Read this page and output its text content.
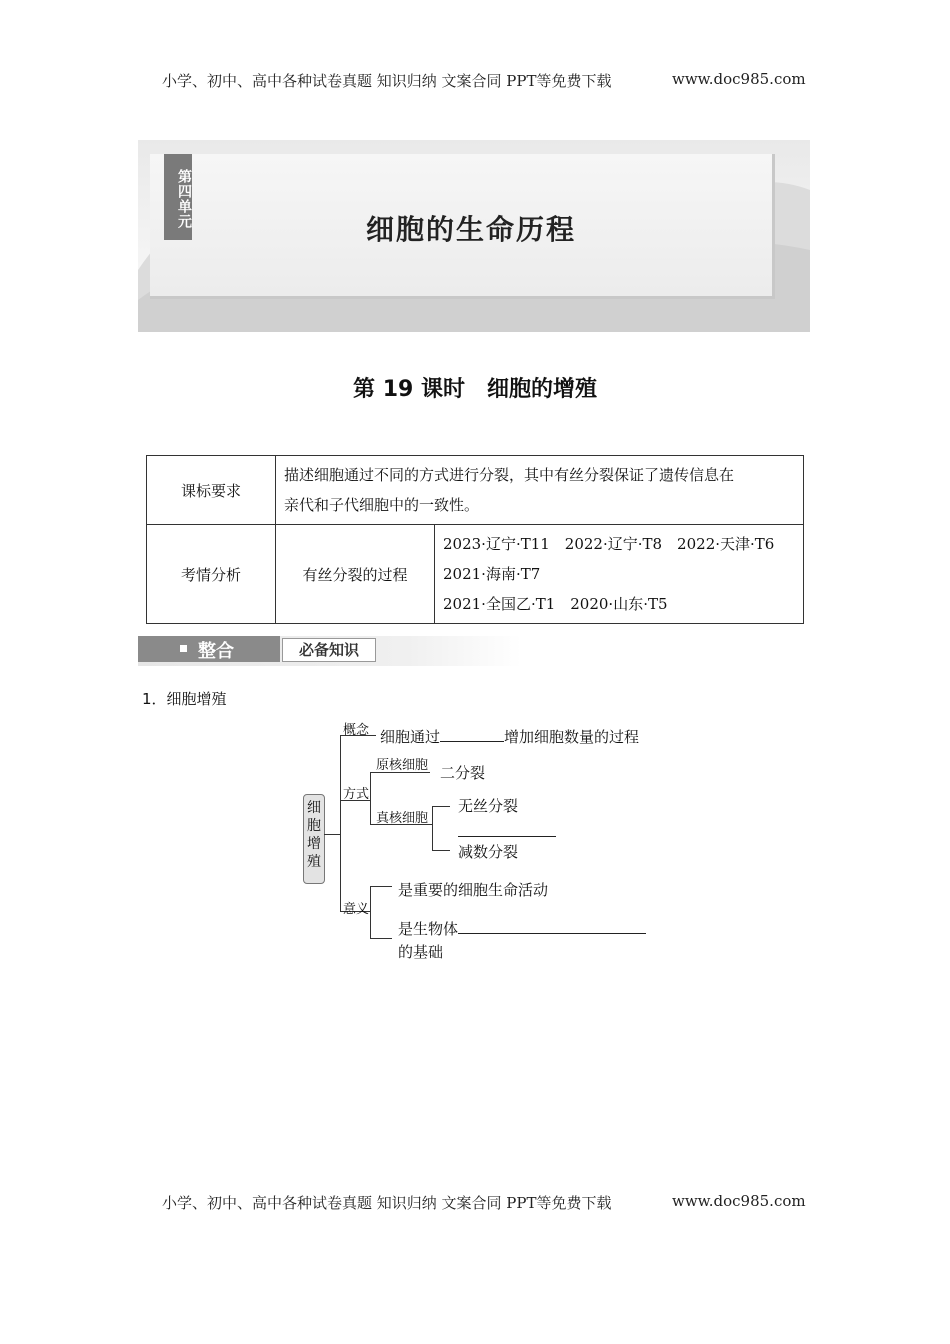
小学、初中、高中各种试卷真题 知识归纳 文案合同 PPT等免费下载	www.doc985.com
第四单元
细胞的生命历程
第 19 课时　细胞的增殖
课标要求	描述细胞通过不同的方式进行分裂，其中有丝分裂保证了遗传信息在
亲代和子代细胞中的一致性。	

考情分析	有丝分裂的过程	2023·辽宁·T11　2022·辽宁·T8　2022·天津·T6
2021·海南·T7
2021·全国乙·T1　2020·山东·T5
整合	必备知识
1．细胞增殖
细胞增殖
概念 细胞通过	增加细胞数量的过程
方式
原核细胞 二分裂
真核细胞
无丝分裂
减数分裂
意义
是重要的细胞生命活动
是生物体
的基础
小学、初中、高中各种试卷真题 知识归纳 文案合同 PPT等免费下载	www.doc985.com
